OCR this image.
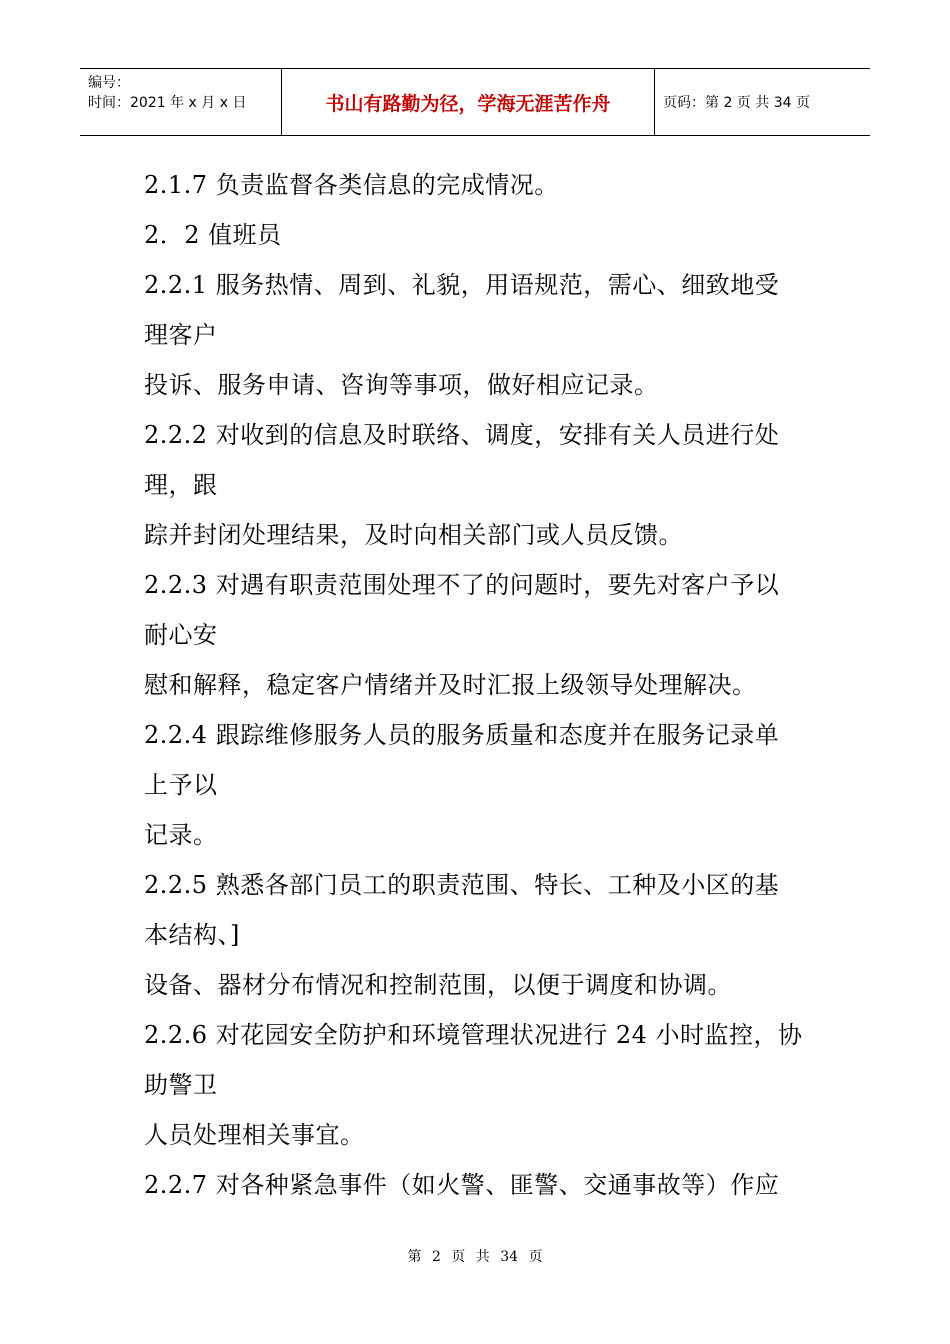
编号：
时间：2021 年 x 月 x 日	书山有路勤为径，学海无涯苦作舟	页码：第 2 页 共 34 页

2.1.7 负责监督各类信息的完成情况。

2．2 值班员

2.2.1 服务热情、周到、礼貌，用语规范，需心、细致地受

理客户

投诉、服务申请、咨询等事项，做好相应记录。

2.2.2 对收到的信息及时联络、调度，安排有关人员进行处

理，跟

踪并封闭处理结果，及时向相关部门或人员反馈。

2.2.3 对遇有职责范围处理不了的问题时，要先对客户予以

耐心安

慰和解释，稳定客户情绪并及时汇报上级领导处理解决。

2.2.4 跟踪维修服务人员的服务质量和态度并在服务记录单

上予以

记录。

2.2.5 熟悉各部门员工的职责范围、特长、工种及小区的基

本结构、]

设备、器材分布情况和控制范围，以便于调度和协调。

2.2.6 对花园安全防护和环境管理状况进行 24 小时监控，协

助警卫

人员处理相关事宜。

2.2.7 对各种紧急事件（如火警、匪警、交通事故等）作应

第 2 页 共 34 页
